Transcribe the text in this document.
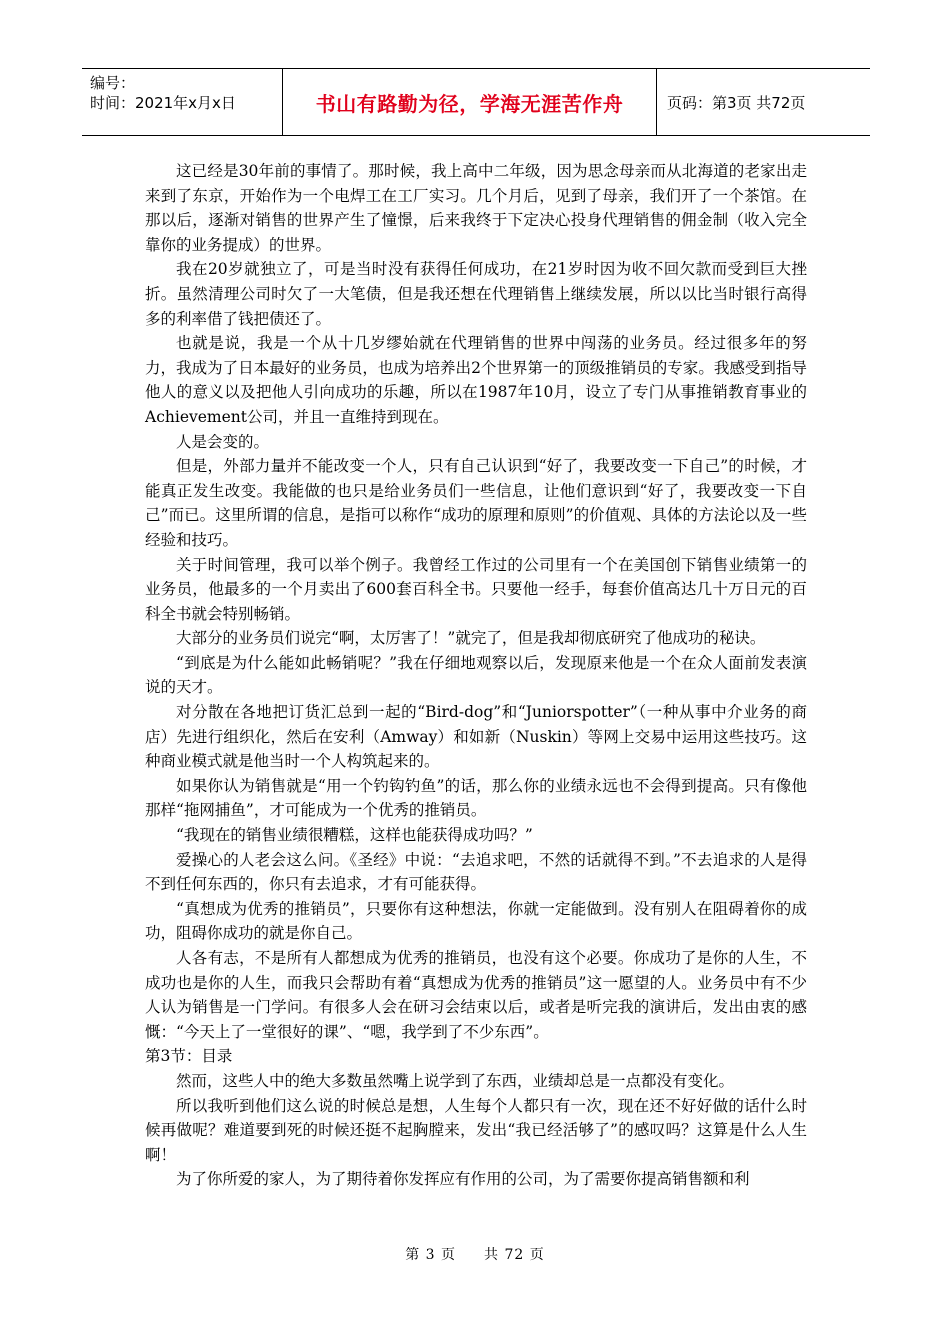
编号：
时间：2021年x月x日	书山有路勤为径，学海无涯苦作舟	页码：第3页 共72页

这已经是30年前的事情了。那时候，我上高中二年级，因为思念母亲而从北海道的老家出走来到了东京，开始作为一个电焊工在工厂实习。几个月后，见到了母亲，我们开了一个茶馆。在那以后，逐渐对销售的世界产生了憧憬，后来我终于下定决心投身代理销售的佣金制（收入完全靠你的业务提成）的世界。

我在20岁就独立了，可是当时没有获得任何成功，在21岁时因为收不回欠款而受到巨大挫折。虽然清理公司时欠了一大笔债，但是我还想在代理销售上继续发展，所以以比当时银行高得多的利率借了钱把债还了。

也就是说，我是一个从十几岁缪始就在代理销售的世界中闯荡的业务员。经过很多年的努力，我成为了日本最好的业务员，也成为培养出2个世界第一的顶级推销员的专家。我感受到指导他人的意义以及把他人引向成功的乐趣，所以在1987年10月，设立了专门从事推销教育事业的Achievement公司，并且一直维持到现在。

人是会变的。

但是，外部力量并不能改变一个人，只有自己认识到“好了，我要改变一下自己”的时候，才能真正发生改变。我能做的也只是给业务员们一些信息，让他们意识到“好了，我要改变一下自己”而已。这里所谓的信息，是指可以称作“成功的原理和原则”的价值观、具体的方法论以及一些经验和技巧。

关于时间管理，我可以举个例子。我曾经工作过的公司里有一个在美国创下销售业绩第一的业务员，他最多的一个月卖出了600套百科全书。只要他一经手，每套价值高达几十万日元的百科全书就会特别畅销。

大部分的业务员们说完“啊，太厉害了！”就完了，但是我却彻底研究了他成功的秘诀。

“到底是为什么能如此畅销呢？”我在仔细地观察以后，发现原来他是一个在众人面前发表演说的天才。

对分散在各地把订货汇总到一起的“Bird-dog”和“Juniorspotter”（一种从事中介业务的商店）先进行组织化，然后在安利（Amway）和如新（Nuskin）等网上交易中运用这些技巧。这种商业模式就是他当时一个人构筑起来的。

如果你认为销售就是“用一个钓钩钓鱼”的话，那么你的业绩永远也不会得到提高。只有像他那样“拖网捕鱼”，才可能成为一个优秀的推销员。

“我现在的销售业绩很糟糕，这样也能获得成功吗？”

爱操心的人老会这么问。《圣经》中说：“去追求吧，不然的话就得不到。”不去追求的人是得不到任何东西的，你只有去追求，才有可能获得。

“真想成为优秀的推销员”，只要你有这种想法，你就一定能做到。没有别人在阻碍着你的成功，阻碍你成功的就是你自己。

人各有志，不是所有人都想成为优秀的推销员，也没有这个必要。你成功了是你的人生，不成功也是你的人生，而我只会帮助有着“真想成为优秀的推销员”这一愿望的人。业务员中有不少人认为销售是一门学问。有很多人会在研习会结束以后，或者是听完我的演讲后，发出由衷的感慨：“今天上了一堂很好的课”、“嗯，我学到了不少东西”。

第3节：目录

然而，这些人中的绝大多数虽然嘴上说学到了东西，业绩却总是一点都没有变化。

所以我听到他们这么说的时候总是想，人生每个人都只有一次，现在还不好好做的话什么时候再做呢？难道要到死的时候还挺不起胸膛来，发出“我已经活够了”的感叹吗？这算是什么人生啊！

为了你所爱的家人，为了期待着你发挥应有作用的公司，为了需要你提高销售额和利

第 3 页 共 72 页
